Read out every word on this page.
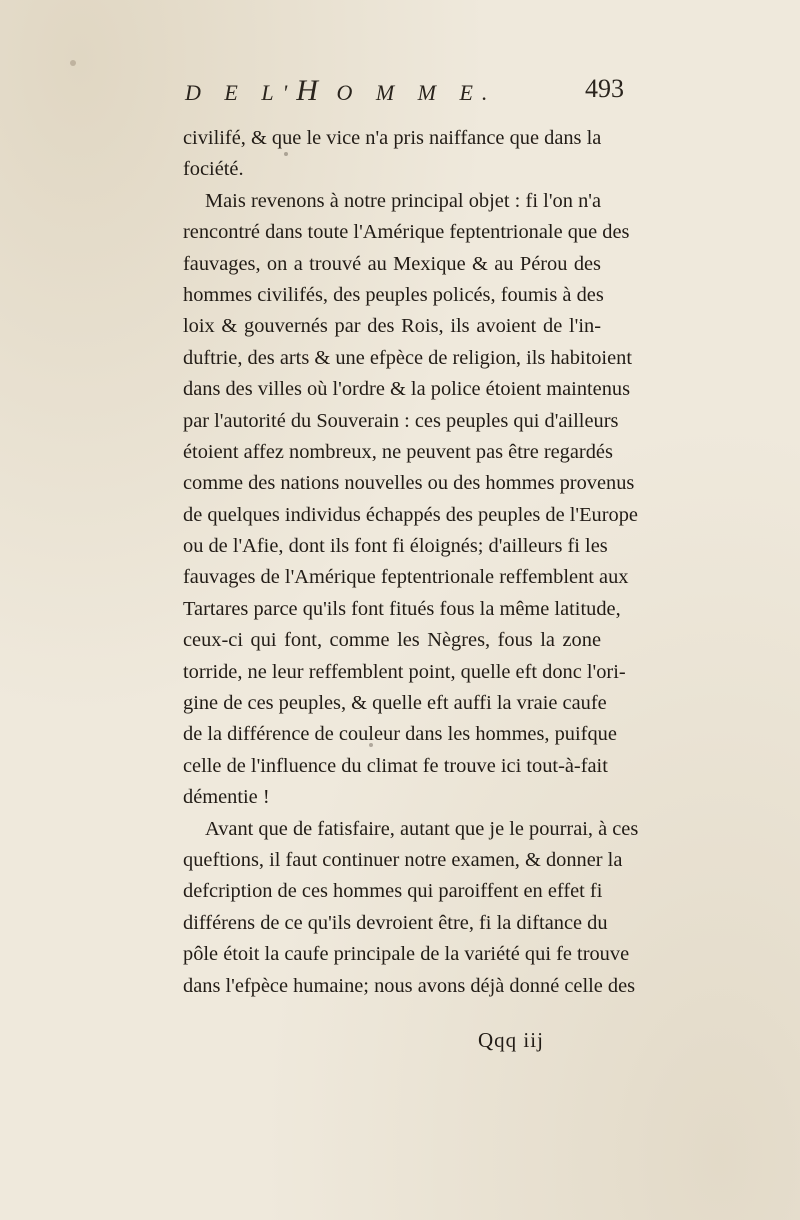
D E L'H O M M E.	493
civilifé, & que le vice n'a pris naiffance que dans la
fociété.
Mais revenons à notre principal objet : fi l'on n'a
rencontré dans toute l'Amérique feptentrionale que des
fauvages, on a trouvé au Mexique & au Pérou des
hommes civilifés, des peuples policés, foumis à des
loix & gouvernés par des Rois, ils avoient de l'in-
duftrie, des arts & une efpèce de religion, ils habitoient
dans des villes où l'ordre & la police étoient maintenus
par l'autorité du Souverain : ces peuples qui d'ailleurs
étoient affez nombreux, ne peuvent pas être regardés
comme des nations nouvelles ou des hommes provenus
de quelques individus échappés des peuples de l'Europe
ou de l'Afie, dont ils font fi éloignés; d'ailleurs fi les
fauvages de l'Amérique feptentrionale reffemblent aux
Tartares parce qu'ils font fitués fous la même latitude,
ceux-ci qui font, comme les Nègres, fous la zone
torride, ne leur reffemblent point, quelle eft donc l'ori-
gine de ces peuples, & quelle eft auffi la vraie caufe
de la différence de couleur dans les hommes, puifque
celle de l'influence du climat fe trouve ici tout-à-fait
démentie !
Avant que de fatisfaire, autant que je le pourrai, à ces
queftions, il faut continuer notre examen, & donner la
defcription de ces hommes qui paroiffent en effet fi
différens de ce qu'ils devroient être, fi la diftance du
pôle étoit la caufe principale de la variété qui fe trouve
dans l'efpèce humaine; nous avons déjà donné celle des
Qqq iij
